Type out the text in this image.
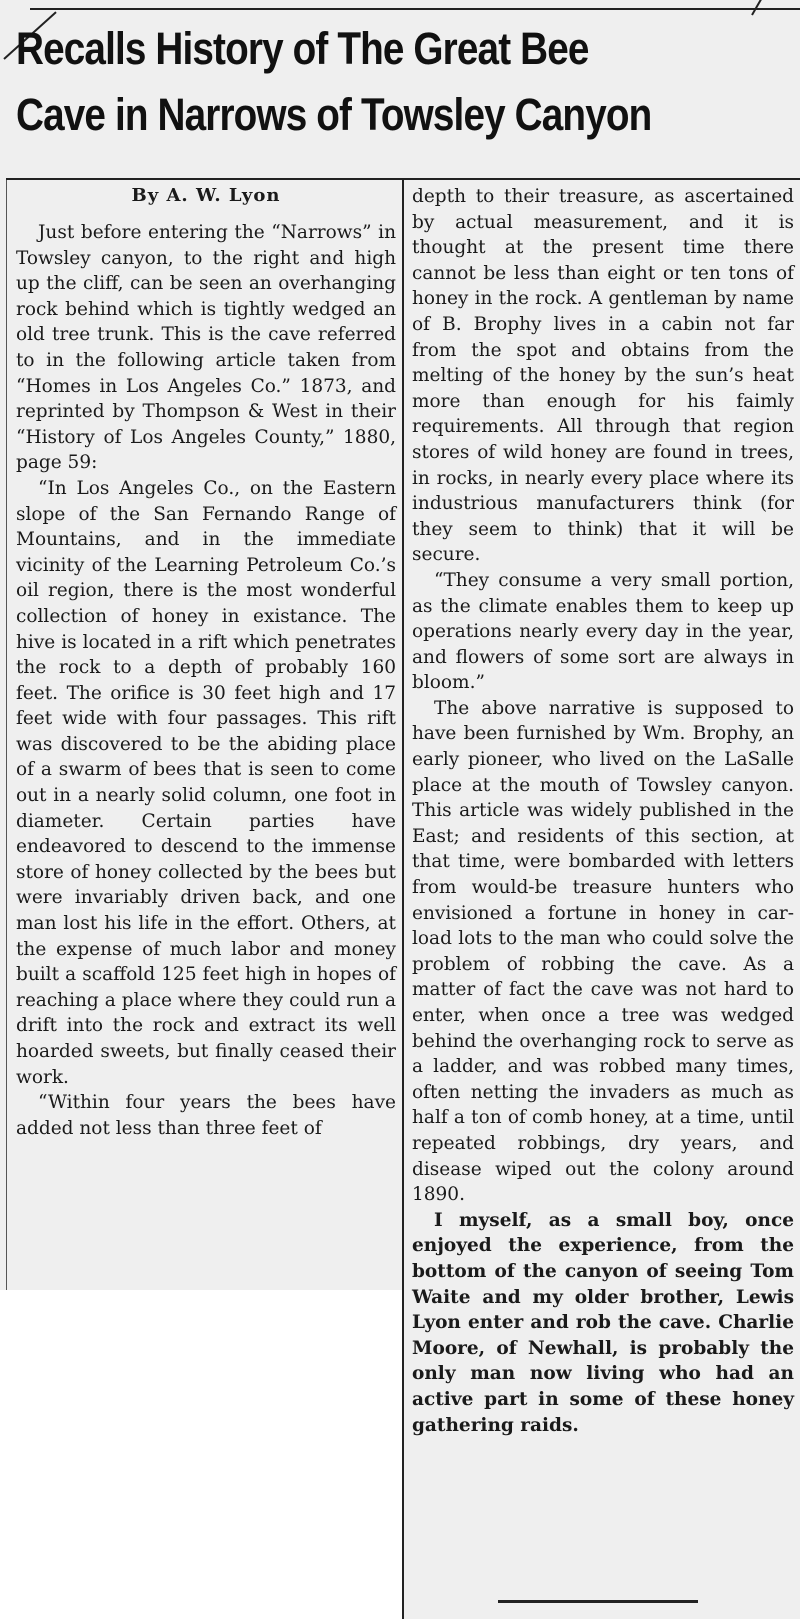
Recalls History of The Great Bee
Cave in Narrows of Towsley Canyon

By A. W. Lyon

Just before entering the “Narrows” in Towsley canyon, to the right and high up the cliff, can be seen an overhanging rock behind which is tightly wedged an old tree trunk. This is the cave referred to in the following article taken from “Homes in Los Angeles Co.” 1873, and reprinted by Thompson & West in their “History of Los Angeles County,” 1880, page 59:

“In Los Angeles Co., on the Eastern slope of the San Fernando Range of Mountains, and in the immediate vicinity of the Learning Petroleum Co.’s oil region, there is the most wonderful collection of honey in existance. The hive is located in a rift which penetrates the rock to a depth of probably 160 feet. The orifice is 30 feet high and 17 feet wide with four passages. This rift was discovered to be the abiding place of a swarm of bees that is seen to come out in a nearly solid column, one foot in diameter. Certain parties have endeavored to descend to the immense store of honey collected by the bees but were invariably driven back, and one man lost his life in the effort. Others, at the expense of much labor and money built a scaffold 125 feet high in hopes of reaching a place where they could run a drift into the rock and extract its well hoarded sweets, but finally ceased their work.

“Within four years the bees have added not less than three feet of

depth to their treasure, as ascertained by actual measurement, and it is thought at the present time there cannot be less than eight or ten tons of honey in the rock. A gentleman by name of B. Brophy lives in a cabin not far from the spot and obtains from the melting of the honey by the sun’s heat more than enough for his faimly requirements. All through that region stores of wild honey are found in trees, in rocks, in nearly every place where its industrious manufacturers think (for they seem to think) that it will be secure.

“They consume a very small portion, as the climate enables them to keep up operations nearly every day in the year, and flowers of some sort are always in bloom.”

The above narrative is supposed to have been furnished by Wm. Brophy, an early pioneer, who lived on the LaSalle place at the mouth of Towsley canyon. This article was widely published in the East; and residents of this section, at that time, were bombarded with letters from would-be treasure hunters who envisioned a fortune in honey in car-load lots to the man who could solve the problem of robbing the cave. As a matter of fact the cave was not hard to enter, when once a tree was wedged behind the overhanging rock to serve as a ladder, and was robbed many times, often netting the invaders as much as half a ton of comb honey, at a time, until repeated robbings, dry years, and disease wiped out the colony around 1890.

I myself, as a small boy, once enjoyed the experience, from the bottom of the canyon of seeing Tom Waite and my older brother, Lewis Lyon enter and rob the cave. Charlie Moore, of Newhall, is probably the only man now living who had an active part in some of these honey gathering raids.
